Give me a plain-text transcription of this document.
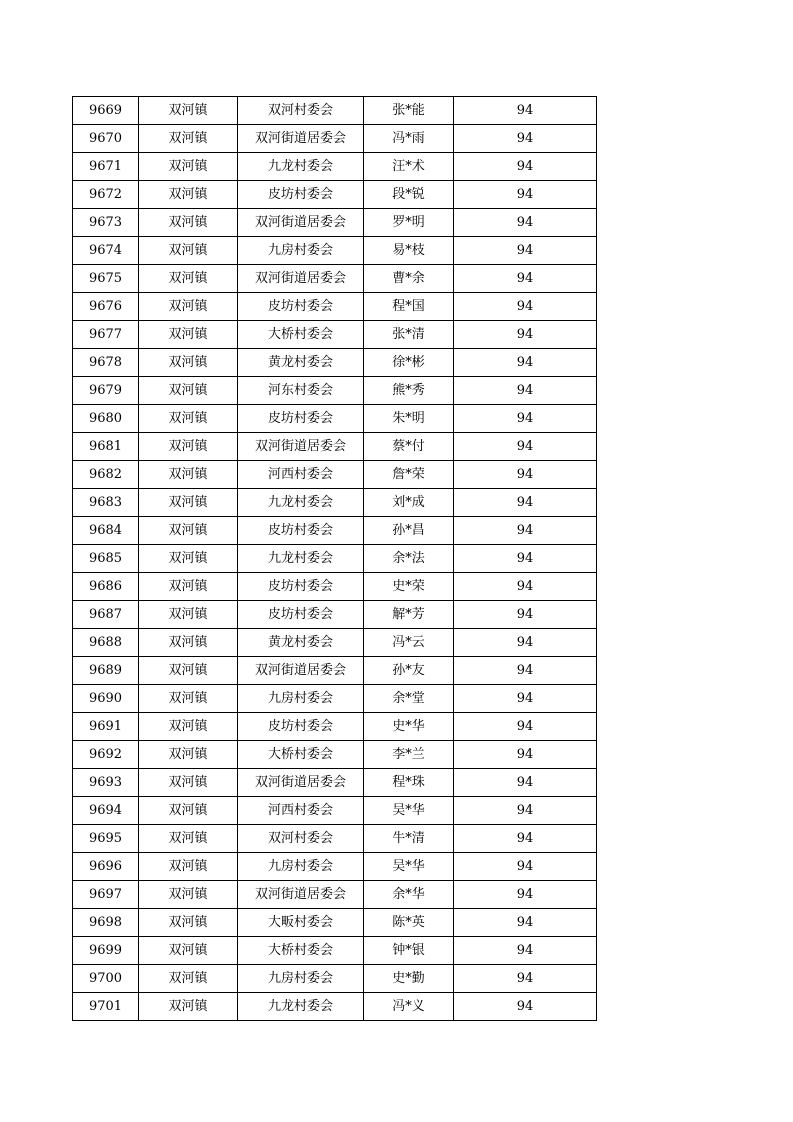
9669	双河镇	双河村委会	张*能	94
9670	双河镇	双河街道居委会	冯*雨	94
9671	双河镇	九龙村委会	汪*术	94
9672	双河镇	皮坊村委会	段*锐	94
9673	双河镇	双河街道居委会	罗*明	94
9674	双河镇	九房村委会	易*枝	94
9675	双河镇	双河街道居委会	曹*余	94
9676	双河镇	皮坊村委会	程*国	94
9677	双河镇	大桥村委会	张*清	94
9678	双河镇	黄龙村委会	徐*彬	94
9679	双河镇	河东村委会	熊*秀	94
9680	双河镇	皮坊村委会	朱*明	94
9681	双河镇	双河街道居委会	蔡*付	94
9682	双河镇	河西村委会	詹*荣	94
9683	双河镇	九龙村委会	刘*成	94
9684	双河镇	皮坊村委会	孙*昌	94
9685	双河镇	九龙村委会	余*法	94
9686	双河镇	皮坊村委会	史*荣	94
9687	双河镇	皮坊村委会	解*芳	94
9688	双河镇	黄龙村委会	冯*云	94
9689	双河镇	双河街道居委会	孙*友	94
9690	双河镇	九房村委会	余*堂	94
9691	双河镇	皮坊村委会	史*华	94
9692	双河镇	大桥村委会	李*兰	94
9693	双河镇	双河街道居委会	程*珠	94
9694	双河镇	河西村委会	吴*华	94
9695	双河镇	双河村委会	牛*清	94
9696	双河镇	九房村委会	吴*华	94
9697	双河镇	双河街道居委会	余*华	94
9698	双河镇	大畈村委会	陈*英	94
9699	双河镇	大桥村委会	钟*银	94
9700	双河镇	九房村委会	史*勤	94
9701	双河镇	九龙村委会	冯*义	94
